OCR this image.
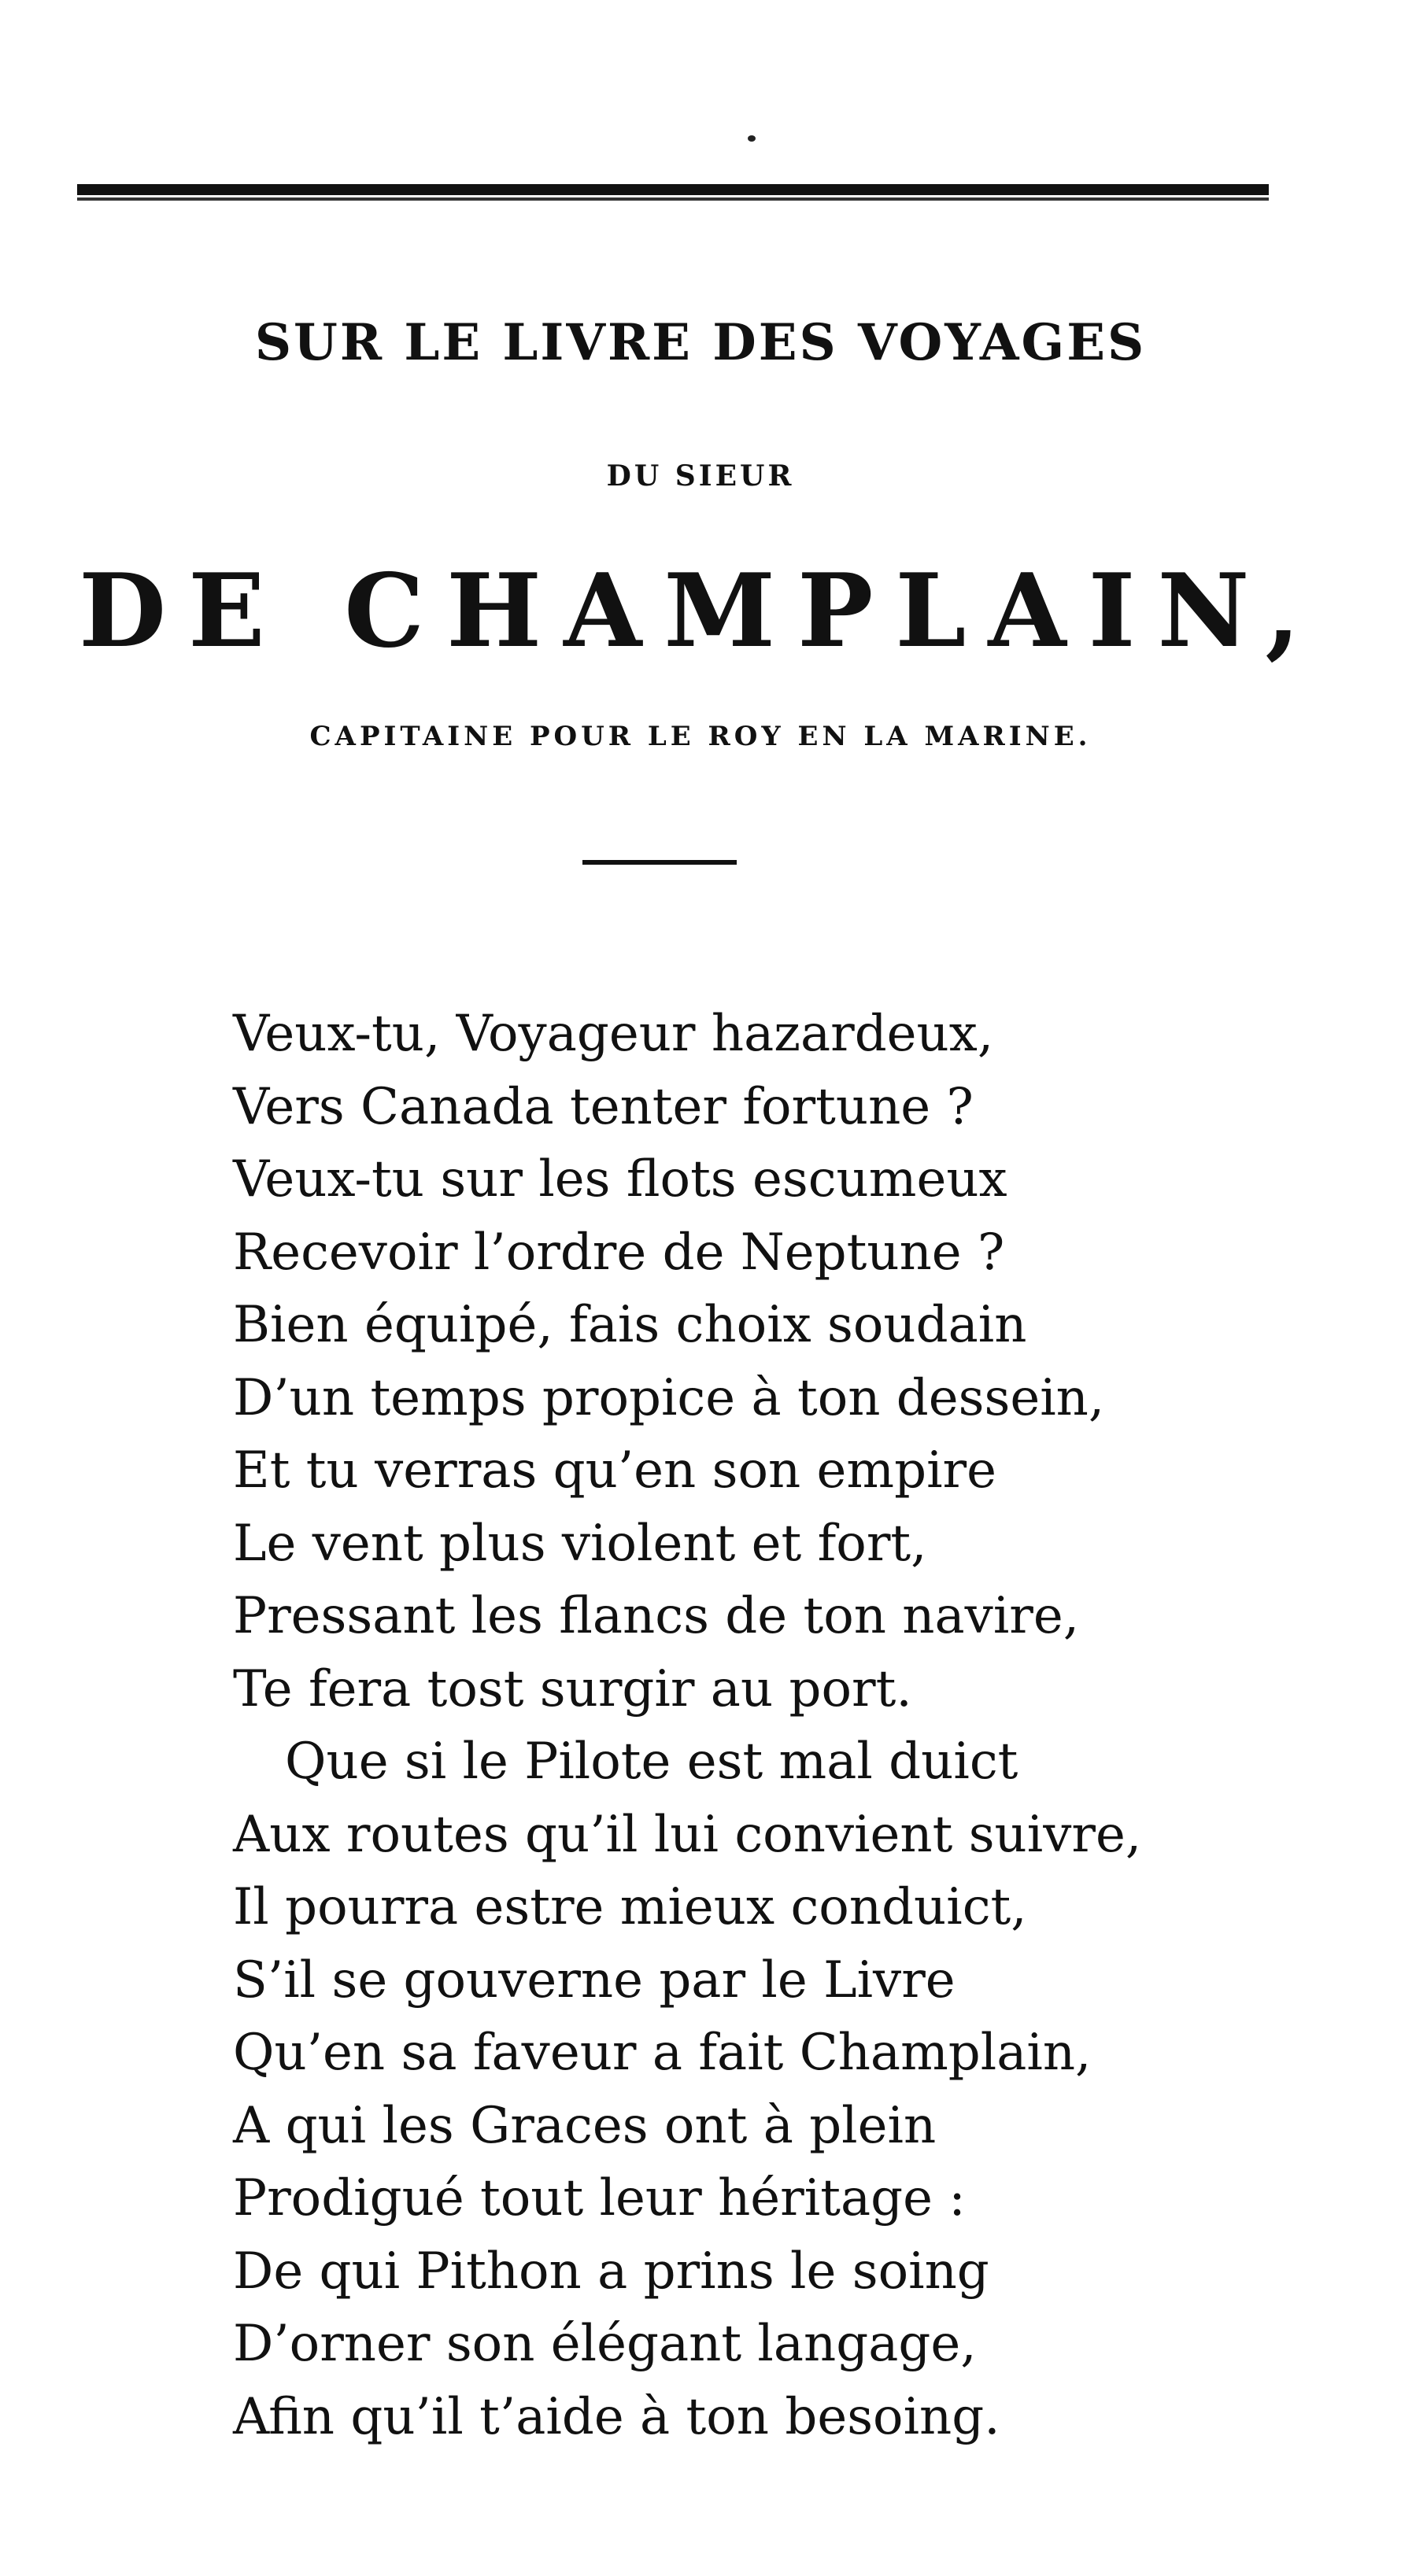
SUR LE LIVRE DES VOYAGES
DU SIEUR
DE CHAMPLAIN,
CAPITAINE POUR LE ROY EN LA MARINE.
Veux-tu, Voyageur hazardeux,
Vers Canada tenter fortune ?
Veux-tu sur les flots escumeux
Recevoir l’ordre de Neptune ?
Bien équipé, fais choix soudain
D’un temps propice à ton dessein,
Et tu verras qu’en son empire
Le vent plus violent et fort,
Pressant les flancs de ton navire,
Te fera tost surgir au port.
Que si le Pilote est mal duict
Aux routes qu’il lui convient suivre,
Il pourra estre mieux conduict,
S’il se gouverne par le Livre
Qu’en sa faveur a fait Champlain,
A qui les Graces ont à plein
Prodigué tout leur héritage :
De qui Pithon a prins le soing
D’orner son élégant langage,
Afin qu’il t’aide à ton besoing.
